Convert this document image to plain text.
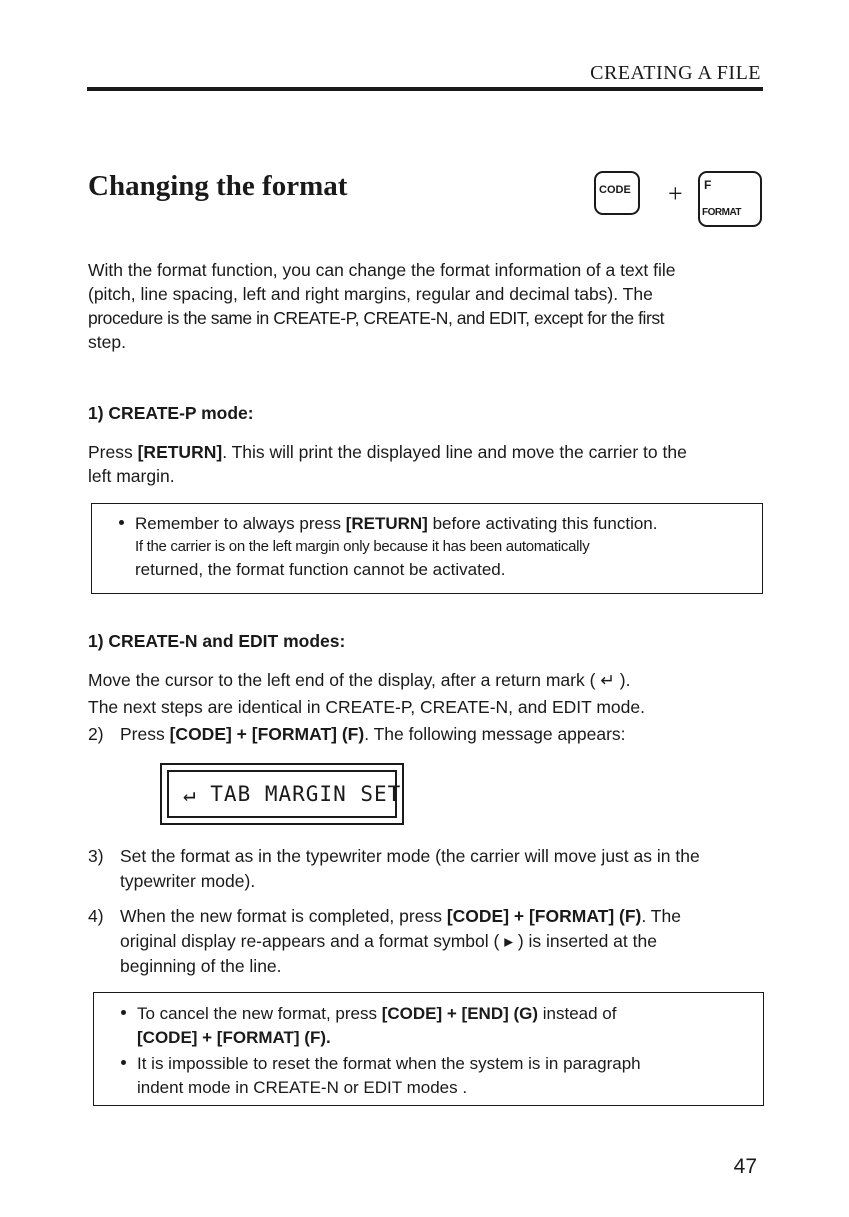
CREATING A FILE
Changing the format	CODE + F
FORMAT
With the format function, you can change the format information of a text file
(pitch, line spacing, left and right margins, regular and decimal tabs). The
procedure is the same in CREATE-P, CREATE-N, and EDIT, except for the first
step.
1) CREATE-P mode:
Press [RETURN]. This will print the displayed line and move the carrier to the
left margin.
Remember to always press [RETURN] before activating this function.
If the carrier is on the left margin only because it has been automatically
returned, the format function cannot be activated.
1) CREATE-N and EDIT modes:
Move the cursor to the left end of the display, after a return mark ( ↵ ).
The next steps are identical in CREATE-P, CREATE-N, and EDIT mode.
2) Press [CODE] + [FORMAT] (F). The following message appears:
↵ TAB MARGIN SET
3) Set the format as in the typewriter mode (the carrier will move just as in the
typewriter mode).
4) When the new format is completed, press [CODE] + [FORMAT] (F). The
original display re-appears and a format symbol ( ▸ ) is inserted at the
beginning of the line.
To cancel the new format, press [CODE] + [END] (G) instead of
[CODE] + [FORMAT] (F).
It is impossible to reset the format when the system is in paragraph
indent mode in CREATE-N or EDIT modes .
47
